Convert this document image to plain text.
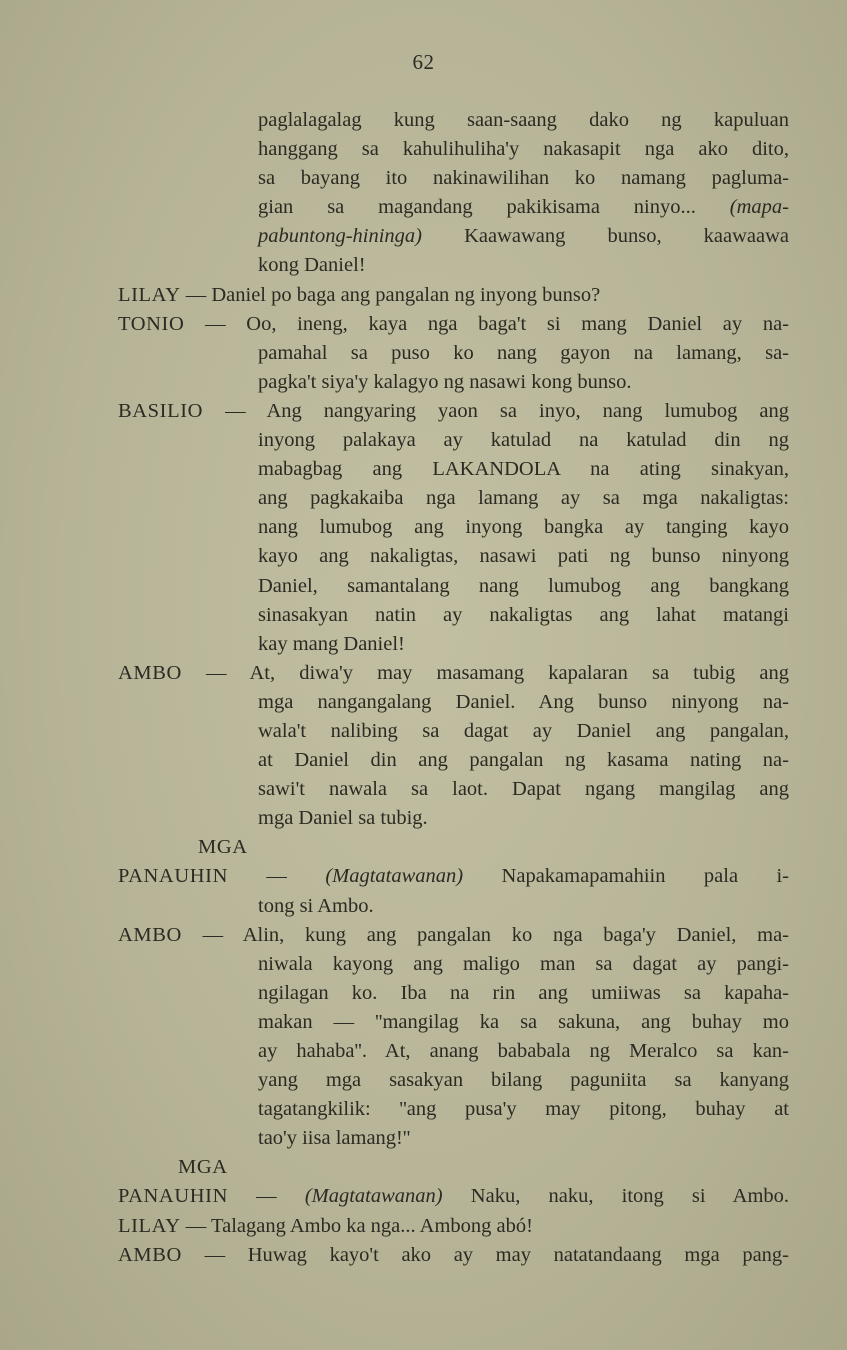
62
paglalagalag kung saan-saang dako ng kapuluan
hanggang sa kahulihuliha'y nakasapit nga ako dito,
sa bayang ito nakinawilihan ko namang pagluma-
gian sa magandang pakikisama ninyo... (mapa-
pabuntong-hininga) Kaawawang bunso, kaawaawa
kong Daniel!
LILAY — Daniel po baga ang pangalan ng inyong bunso?
TONIO — Oo, ineng, kaya nga baga't si mang Daniel ay na-
pamahal sa puso ko nang gayon na lamang, sa-
pagka't siya'y kalagyo ng nasawi kong bunso.
BASILIO — Ang nangyaring yaon sa inyo, nang lumubog ang
inyong palakaya ay katulad na katulad din ng
mabagbag ang LAKANDOLA na ating sinakyan,
ang pagkakaiba nga lamang ay sa mga nakaligtas:
nang lumubog ang inyong bangka ay tanging kayo
kayo ang nakaligtas, nasawi pati ng bunso ninyong
Daniel, samantalang nang lumubog ang bangkang
sinasakyan natin ay nakaligtas ang lahat matangi
kay mang Daniel!
AMBO — At, diwa'y may masamang kapalaran sa tubig ang
mga nangangalang Daniel. Ang bunso ninyong na-
wala't nalibing sa dagat ay Daniel ang pangalan,
at Daniel din ang pangalan ng kasama nating na-
sawi't nawala sa laot. Dapat ngang mangilag ang
mga Daniel sa tubig.
MGA
PANAUHIN — (Magtatawanan) Napakamapamahiin pala i-
tong si Ambo.
AMBO — Alin, kung ang pangalan ko nga baga'y Daniel, ma-
niwala kayong ang maligo man sa dagat ay pangi-
ngilagan ko. Iba na rin ang umiiwas sa kapaha-
makan — ''mangilag ka sa sakuna, ang buhay mo
ay hahaba''. At, anang bababala ng Meralco sa kan-
yang mga sasakyan bilang paguniita sa kanyang
tagatangkilik: ''ang pusa'y may pitong, buhay at
tao'y iisa lamang!''
MGA
PANAUHIN — (Magtatawanan) Naku, naku, itong si Ambo.
LILAY — Talagang Ambo ka nga... Ambong abó!
AMBO — Huwag kayo't ako ay may natatandaang mga pang-
